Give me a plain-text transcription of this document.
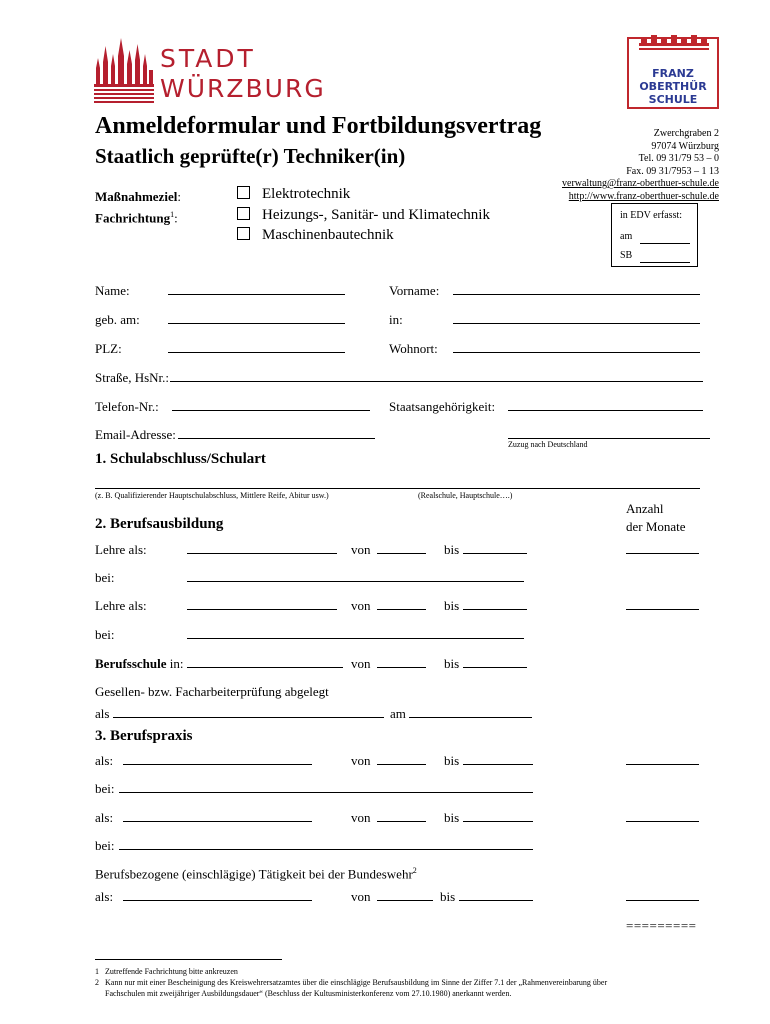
STADT
WÜRZBURG
FRANZ
OBERTHÜR
SCHULE
Anmeldeformular und Fortbildungsvertrag
Staatlich geprüfte(r) Techniker(in)
Zwerchgraben 2
97074 Würzburg
Tel. 09 31/79 53 – 0
Fax. 09 31/7953 – 1 13
verwaltung@franz-oberthuer-schule.de
http://www.franz-oberthuer-schule.de
in EDV erfasst:
am
SB
Maßnahmeziel:
Fachrichtung$^1$:
Elektrotechnik
Heizungs-, Sanitär- und Klimatechnik
Maschinenbautechnik
Name:	Vorname:
geb. am:	in:
PLZ:	Wohnort:
Straße, HsNr.:
Telefon-Nr.:	Staatsangehörigkeit:
Email-Adresse:
Zuzug nach Deutschland
1. Schulabschluss/Schulart
(z. B. Qualifizierender Hauptschulabschluss, Mittlere Reife, Abitur usw.)	(Realschule, Hauptschule….)
Anzahl
der Monate
2. Berufsausbildung
Lehre als:	von	bis
bei:
Lehre als:	von	bis
bei:
Berufsschule in:	von	bis
Gesellen- bzw. Facharbeiterprüfung abgelegt
als	am
3. Berufspraxis
als:	von	bis
bei:
als:	von	bis
bei:
Berufsbezogene (einschlägige) Tätigkeit bei der Bundeswehr$^2$
als:	von	bis
=========
1 Zutreffende Fachrichtung bitte ankreuzen
2 Kann nur mit einer Bescheinigung des Kreiswehrersatzamtes über die einschlägige Berufsausbildung im Sinne der Ziffer 7.1 der „Rahmenvereinbarung über
Fachschulen mit zweijähriger Ausbildungsdauer“ (Beschluss der Kultusministerkonferenz vom 27.10.1980) anerkannt werden.
